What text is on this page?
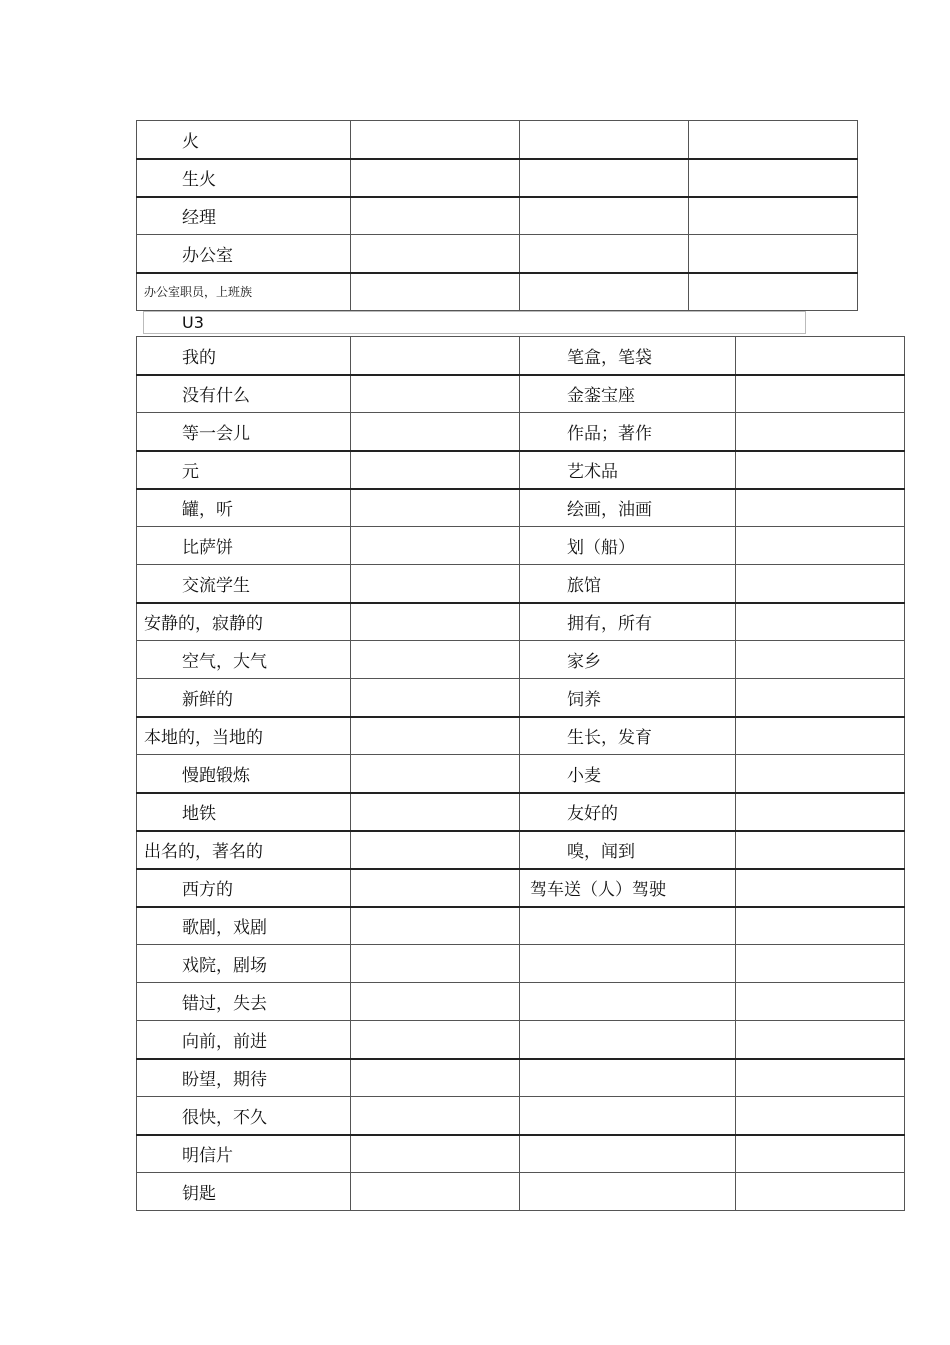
火			

生火			

经理			

办公室			

办公室职员，上班族			

U3
我的		笔盒，笔袋	

没有什么		金銮宝座	

等一会儿		作品；著作	

元		艺术品	

罐，听		绘画，油画	

比萨饼		划（船）	

交流学生		旅馆	

安静的，寂静的		拥有，所有	

空气，大气		家乡	

新鲜的		饲养	

本地的，当地的		生长，发育	

慢跑锻炼		小麦	

地铁		友好的	

出名的，著名的		嗅，闻到	

西方的		驾车送（人）驾驶	

歌剧，戏剧			

戏院，剧场			

错过，失去			

向前，前进			

盼望，期待			

很快，不久			

明信片			

钥匙			
